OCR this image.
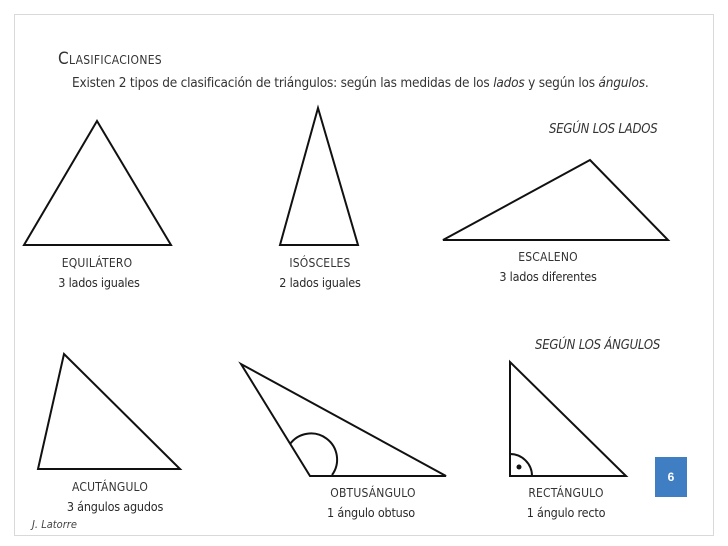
Clasificaciones
Existen 2 tipos de clasificación de triángulos: según las medidas de los lados y según los ángulos.
SEGÚN LOS LADOS
SEGÚN LOS ÁNGULOS
EQUILÁTERO
3 lados iguales
ISÓSCELES
2 lados iguales
ESCALENO
3 lados diferentes
ACUTÁNGULO
3 ángulos agudos
OBTUSÁNGULO
1 ángulo obtuso
RECTÁNGULO
1 ángulo recto
6
J. Latorre
